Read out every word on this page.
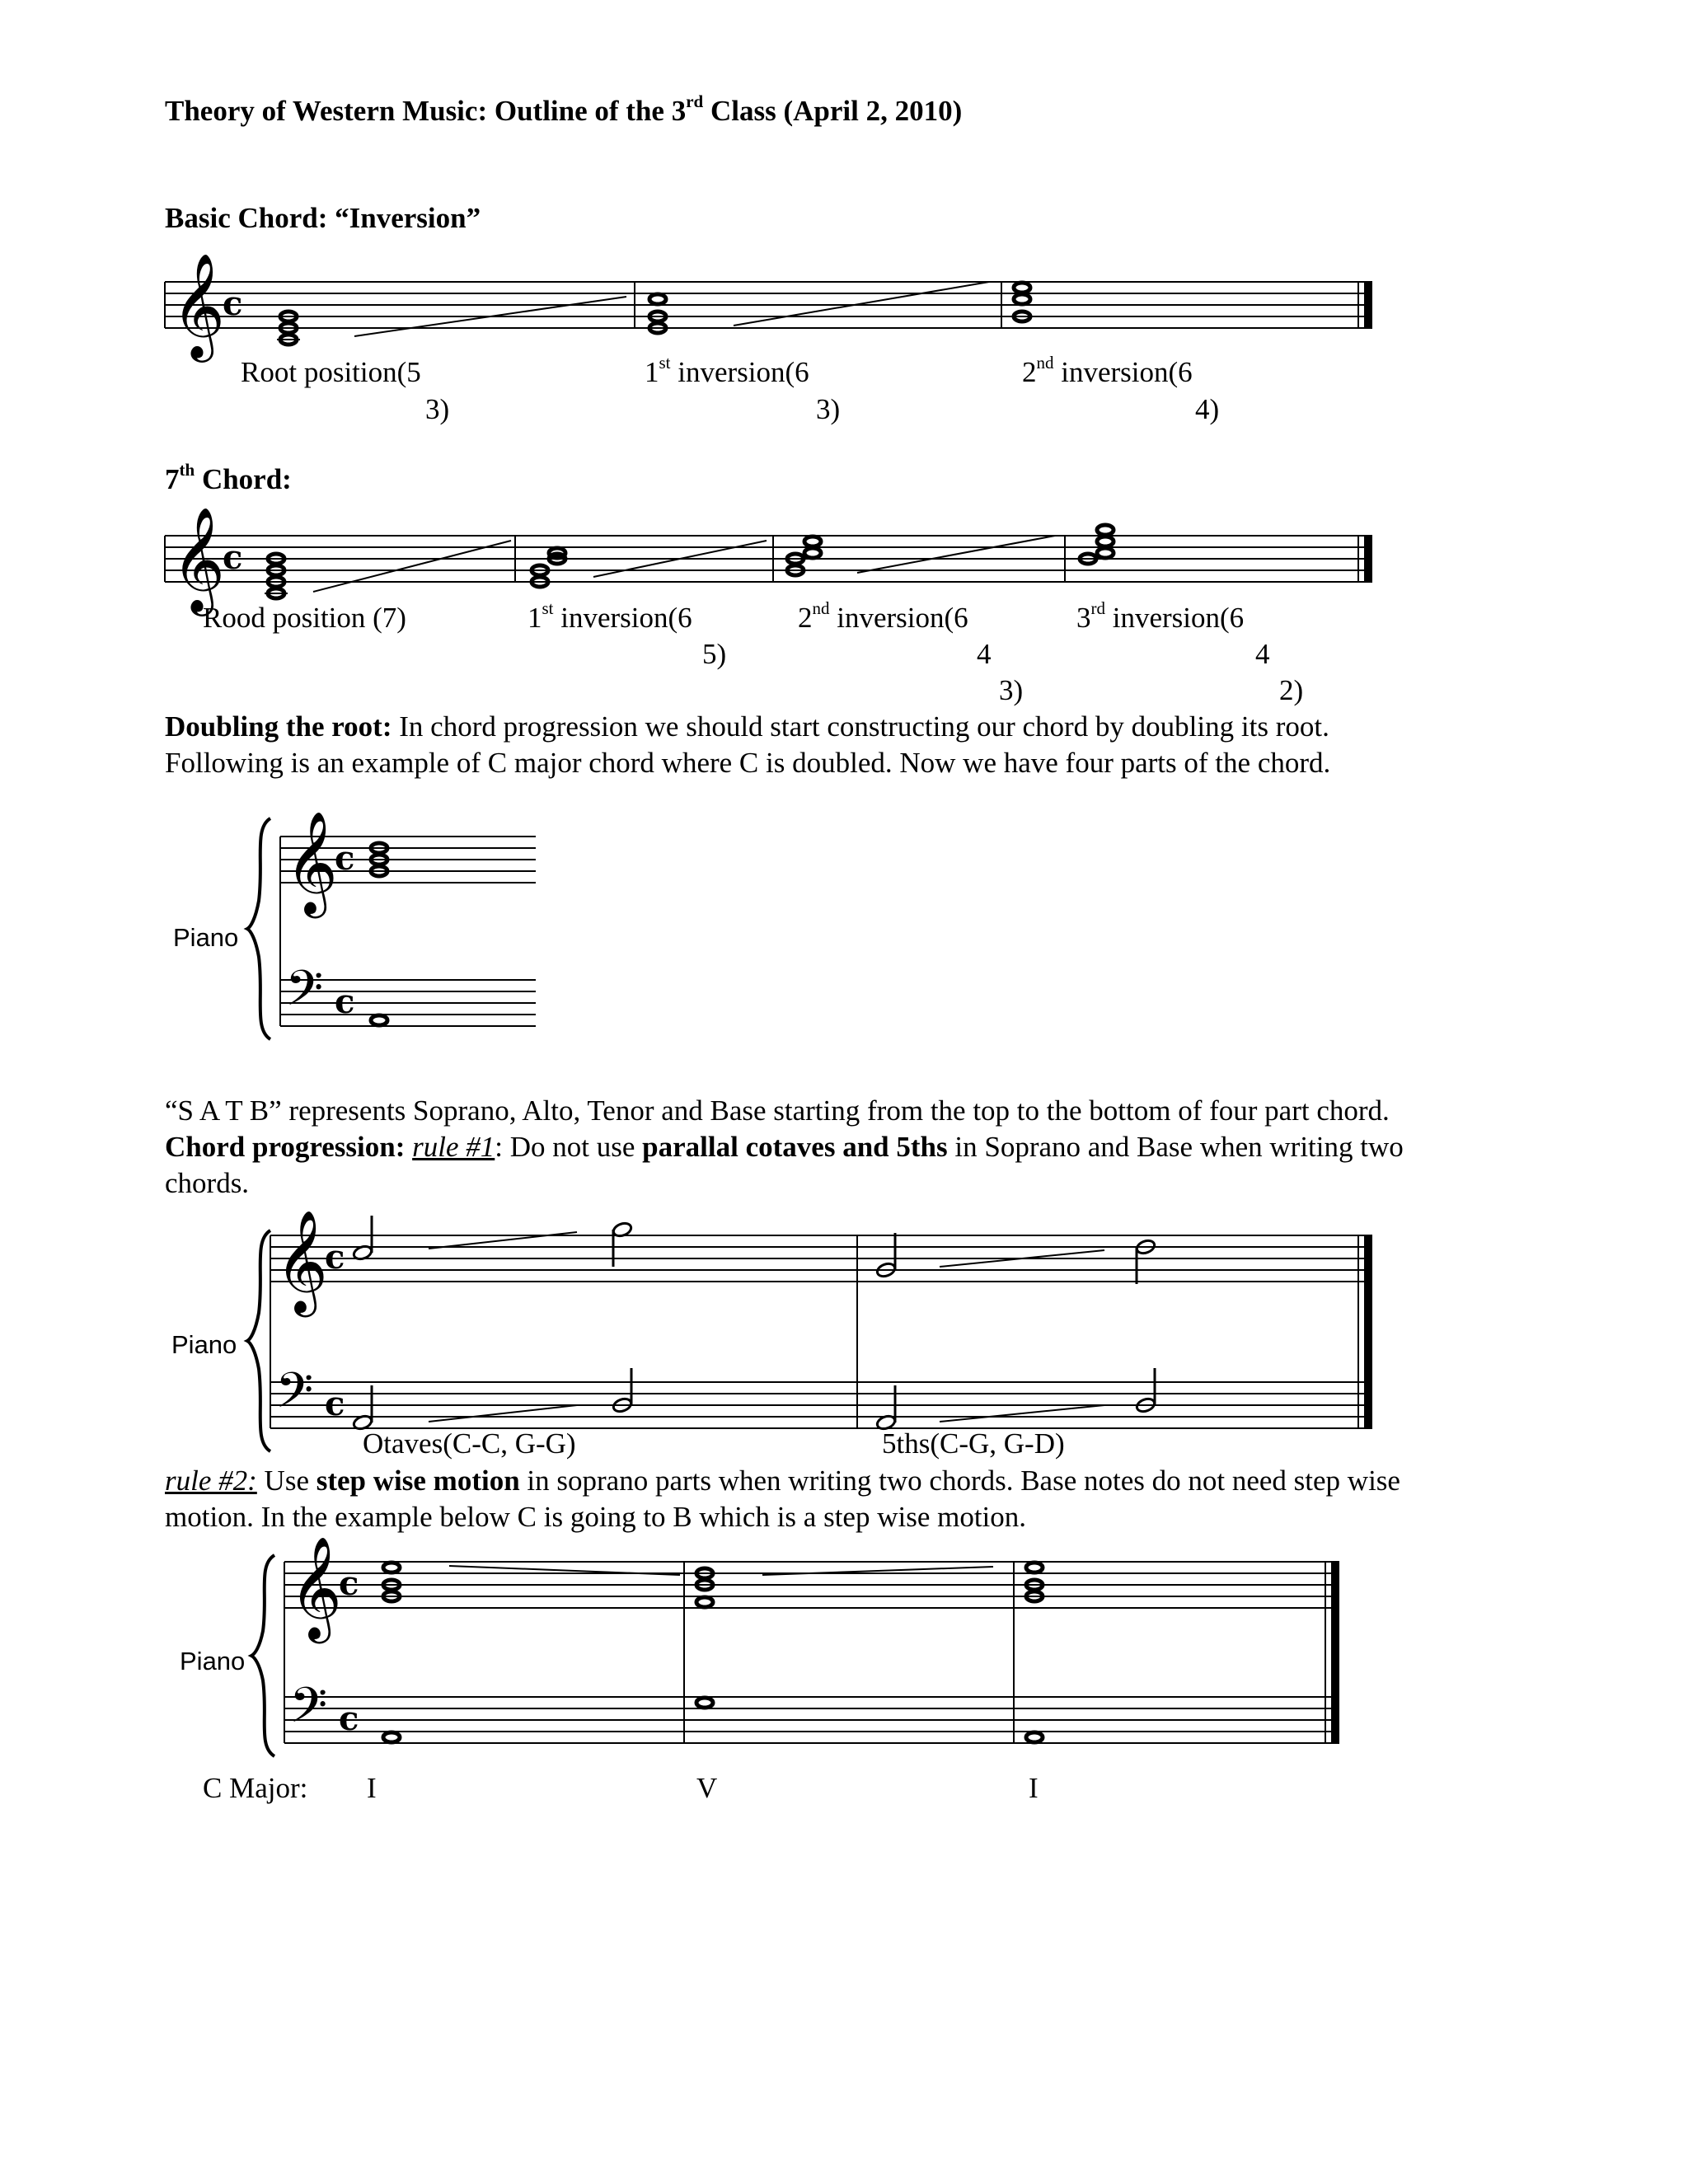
Theory of Western Music: Outline of the 3rd Class (April 2, 2010)
Basic Chord: “Inversion”
𝄞
c
Root position(5
3)
1st inversion(6
3)
2nd inversion(6
4)
7th Chord:
𝄞
c
Rood position (7)	1st inversion(6
5)
2nd inversion(6
4
3)
3rd inversion(6
4
2)
Doubling the root: In chord progression we should start constructing our chord by doubling its root.
Following is an example of C major chord where C is doubled. Now we have four parts of the chord.
Piano
𝄞
c
𝄢 c
“S A T B” represents Soprano, Alto, Tenor and Base starting from the top to the bottom of four part chord.
Chord progression: rule #1: Do not use parallal cotaves and 5ths in Soprano and Base when writing two
chords.
Piano
𝄞
c
𝄢 c
Otaves(C-C, G-G)	5ths(C-G, G-D)
rule #2: Use step wise motion in soprano parts when writing two chords. Base notes do not need step wise
motion. In the example below C is going to B which is a step wise motion.
Piano
𝄞
c
𝄢 c
C Major: I	V	I
